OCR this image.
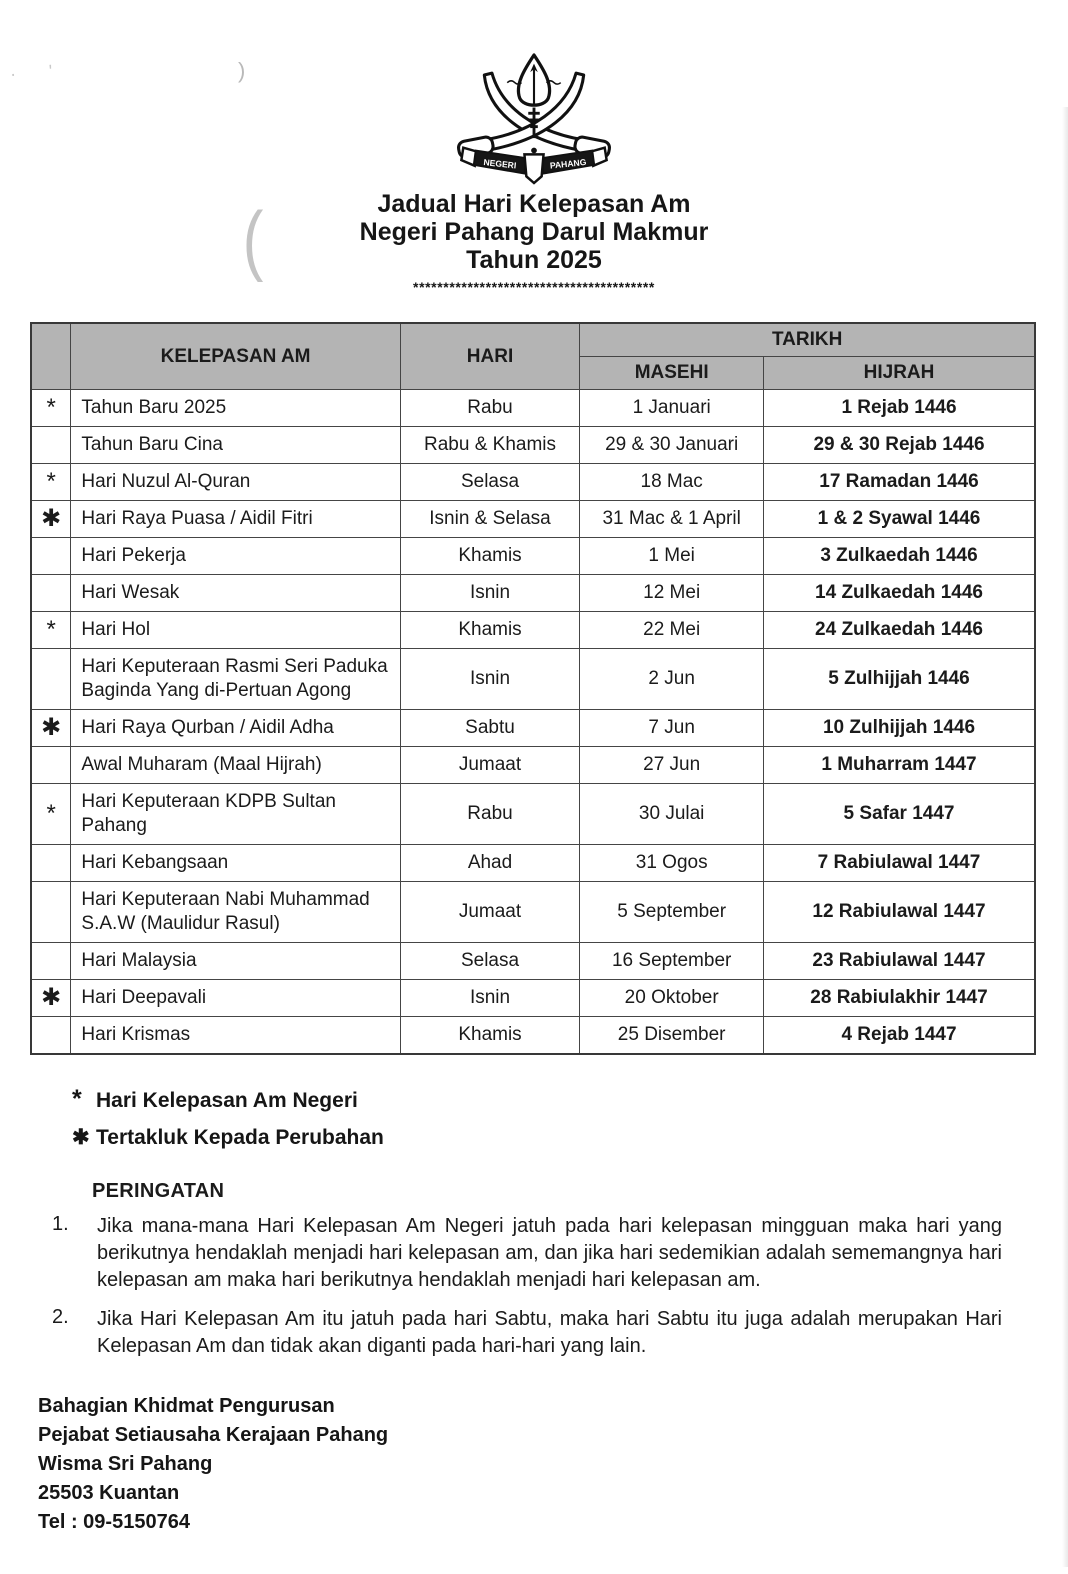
· '	)
(
NEGERI	PAHANG
Jadual Hari Kelepasan Am
Negeri Pahang Darul Makmur
Tahun 2025
****************************************
	KELEPASAN AM	HARI	TARIKH	
			MASEHI	HIJRAH
*	Tahun Baru 2025	Rabu	1 Januari	1 Rejab 1446
	Tahun Baru Cina	Rabu & Khamis	29 & 30 Januari	29 & 30 Rejab 1446
*	Hari Nuzul Al-Quran	Selasa	18 Mac	17 Ramadan 1446
✱	Hari Raya Puasa / Aidil Fitri	Isnin & Selasa	31 Mac & 1 April	1 & 2 Syawal 1446
	Hari Pekerja	Khamis	1 Mei	3 Zulkaedah 1446
	Hari Wesak	Isnin	12 Mei	14 Zulkaedah 1446
*	Hari Hol	Khamis	22 Mei	24 Zulkaedah 1446
	Hari Keputeraan Rasmi Seri Paduka Baginda Yang di-Pertuan Agong	Isnin	2 Jun	5 Zulhijjah 1446
✱	Hari Raya Qurban / Aidil Adha	Sabtu	7 Jun	10 Zulhijjah 1446
	Awal Muharam (Maal Hijrah)	Jumaat	27 Jun	1 Muharram 1447
*	Hari Keputeraan KDPB Sultan Pahang	Rabu	30 Julai	5 Safar 1447
	Hari Kebangsaan	Ahad	31 Ogos	7 Rabiulawal 1447
	Hari Keputeraan Nabi Muhammad S.A.W (Maulidur Rasul)	Jumaat	5 September	12 Rabiulawal 1447
	Hari Malaysia	Selasa	16 September	23 Rabiulawal 1447
✱	Hari Deepavali	Isnin	20 Oktober	28 Rabiulakhir 1447
	Hari Krismas	Khamis	25 Disember	4 Rejab 1447
* Hari Kelepasan Am Negeri
✱ Tertakluk Kepada Perubahan
PERINGATAN
1.	Jika mana-mana Hari Kelepasan Am Negeri jatuh pada hari kelepasan mingguan maka hari yang berikutnya hendaklah menjadi hari kelepasan am, dan jika hari sedemikian adalah sememangnya hari kelepasan am maka hari berikutnya hendaklah menjadi hari kelepasan am.
2.	Jika Hari Kelepasan Am itu jatuh pada hari Sabtu, maka hari Sabtu itu juga adalah merupakan Hari Kelepasan Am dan tidak akan diganti pada hari-hari yang lain.
Bahagian Khidmat Pengurusan
Pejabat Setiausaha Kerajaan Pahang
Wisma Sri Pahang
25503 Kuantan
Tel : 09-5150764
